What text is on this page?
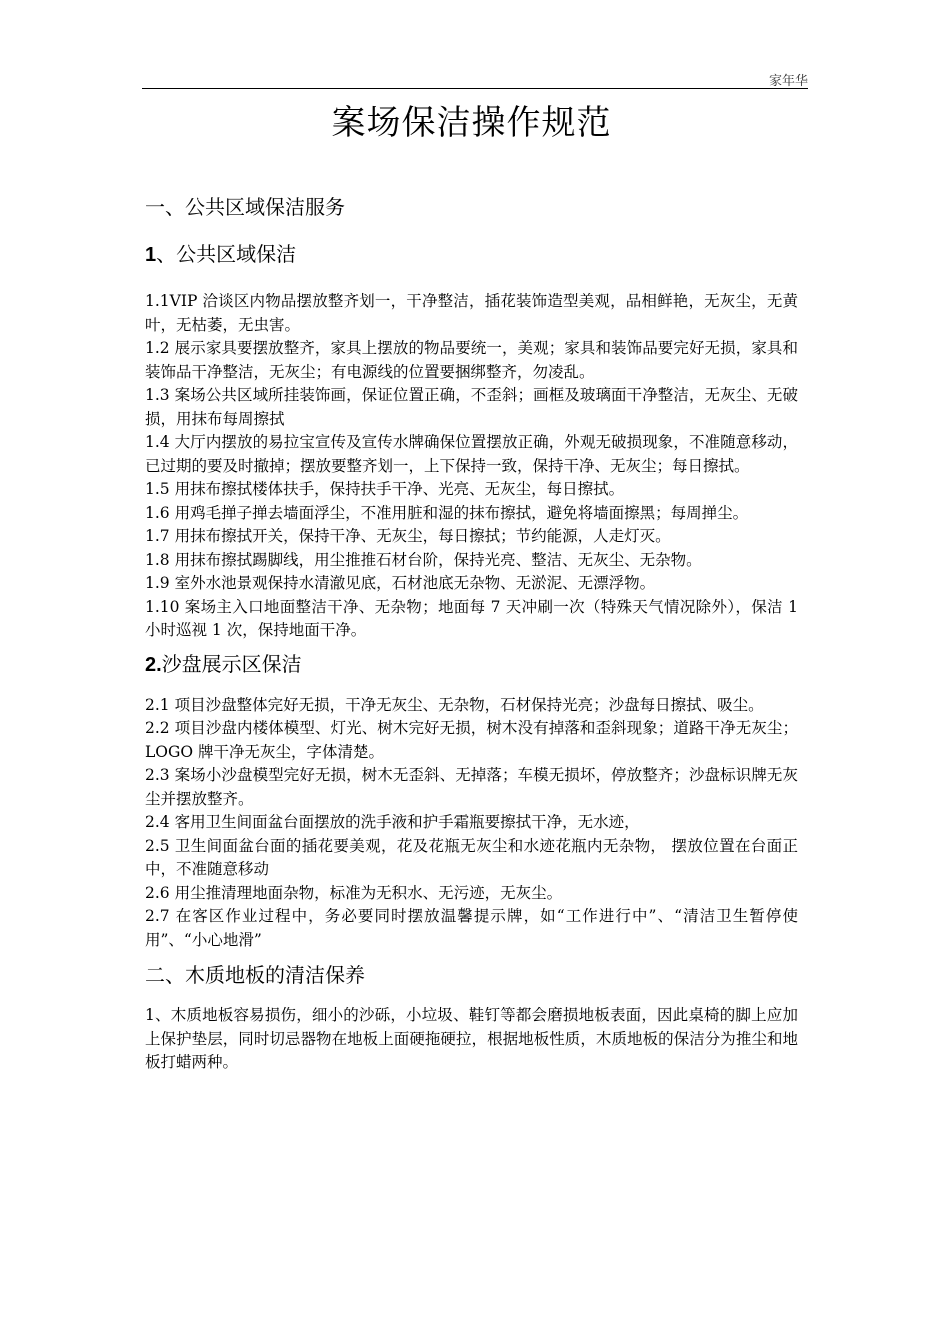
家年华
案场保洁操作规范
一、公共区域保洁服务
1、公共区域保洁

1.1VIP 洽谈区内物品摆放整齐划一，干净整洁，插花装饰造型美观，品相鲜艳，无灰尘，无黄叶，无枯萎，无虫害。

1.2 展示家具要摆放整齐，家具上摆放的物品要统一，美观；家具和装饰品要完好无损，家具和装饰品干净整洁，无灰尘；有电源线的位置要捆绑整齐，勿凌乱。

1.3 案场公共区域所挂装饰画，保证位置正确，不歪斜；画框及玻璃面干净整洁，无灰尘、无破损，用抹布每周擦拭

1.4 大厅内摆放的易拉宝宣传及宣传水牌确保位置摆放正确，外观无破损现象，不准随意移动，已过期的要及时撤掉；摆放要整齐划一，上下保持一致，保持干净、无灰尘；每日擦拭。

1.5 用抹布擦拭楼体扶手，保持扶手干净、光亮、无灰尘，每日擦拭。

1.6 用鸡毛掸子掸去墙面浮尘，不准用脏和湿的抹布擦拭，避免将墙面擦黑；每周掸尘。

1.7 用抹布擦拭开关，保持干净、无灰尘，每日擦拭；节约能源，人走灯灭。

1.8 用抹布擦拭踢脚线，用尘推推石材台阶，保持光亮、整洁、无灰尘、无杂物。

1.9 室外水池景观保持水清澈见底，石材池底无杂物、无淤泥、无漂浮物。

1.10 案场主入口地面整洁干净、无杂物；地面每 7 天冲刷一次（特殊天气情况除外），保洁 1 小时巡视 1 次，保持地面干净。

2.沙盘展示区保洁

2.1 项目沙盘整体完好无损，干净无灰尘、无杂物，石材保持光亮；沙盘每日擦拭、吸尘。

2.2 项目沙盘内楼体模型、灯光、树木完好无损，树木没有掉落和歪斜现象；道路干净无灰尘；LOGO 牌干净无灰尘，字体清楚。

2.3 案场小沙盘模型完好无损，树木无歪斜、无掉落；车模无损坏，停放整齐；沙盘标识牌无灰尘并摆放整齐。

2.4 客用卫生间面盆台面摆放的洗手液和护手霜瓶要擦拭干净，无水迹，

2.5 卫生间面盆台面的插花要美观，花及花瓶无灰尘和水迹花瓶内无杂物， 摆放位置在台面正中，不准随意移动

2.6 用尘推清理地面杂物，标准为无积水、无污迹，无灰尘。

2.7 在客区作业过程中，务必要同时摆放温馨提示牌，如“工作进行中”、“清洁卫生暂停使用”、“小心地滑”

二、木质地板的清洁保养

1、木质地板容易损伤，细小的沙砾，小垃圾、鞋钉等都会磨损地板表面，因此桌椅的脚上应加上保护垫层，同时切忌器物在地板上面硬拖硬拉，根据地板性质，木质地板的保洁分为推尘和地板打蜡两种。
